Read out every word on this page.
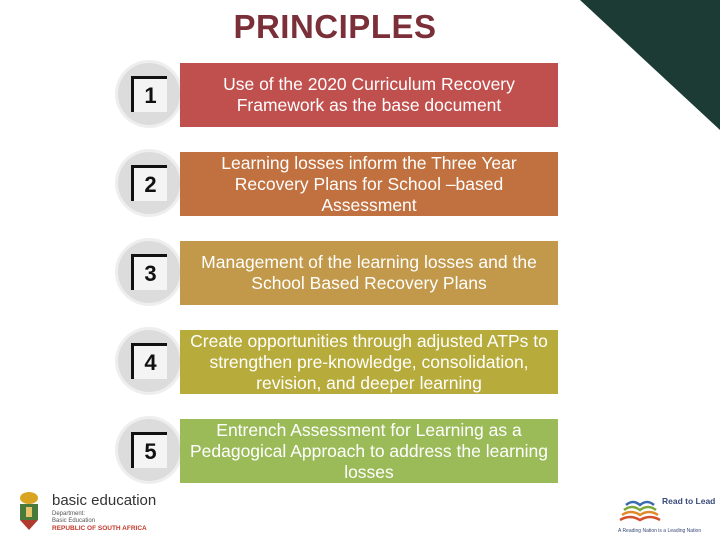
PRINCIPLES
1	Use of the 2020 Curriculum Recovery Framework as the base document
2
Learning losses inform the Three Year Recovery Plans for School –based Assessment
3	Management of the learning losses and the School Based Recovery Plans
4
Create opportunities through adjusted ATPs to strengthen pre-knowledge, consolidation, revision, and deeper learning
5
Entrench Assessment for Learning as a Pedagogical Approach to address the learning losses
basic education
Department:
Basic Education
REPUBLIC OF SOUTH AFRICA
Read to Lead
A Reading Nation is a Leading Nation
